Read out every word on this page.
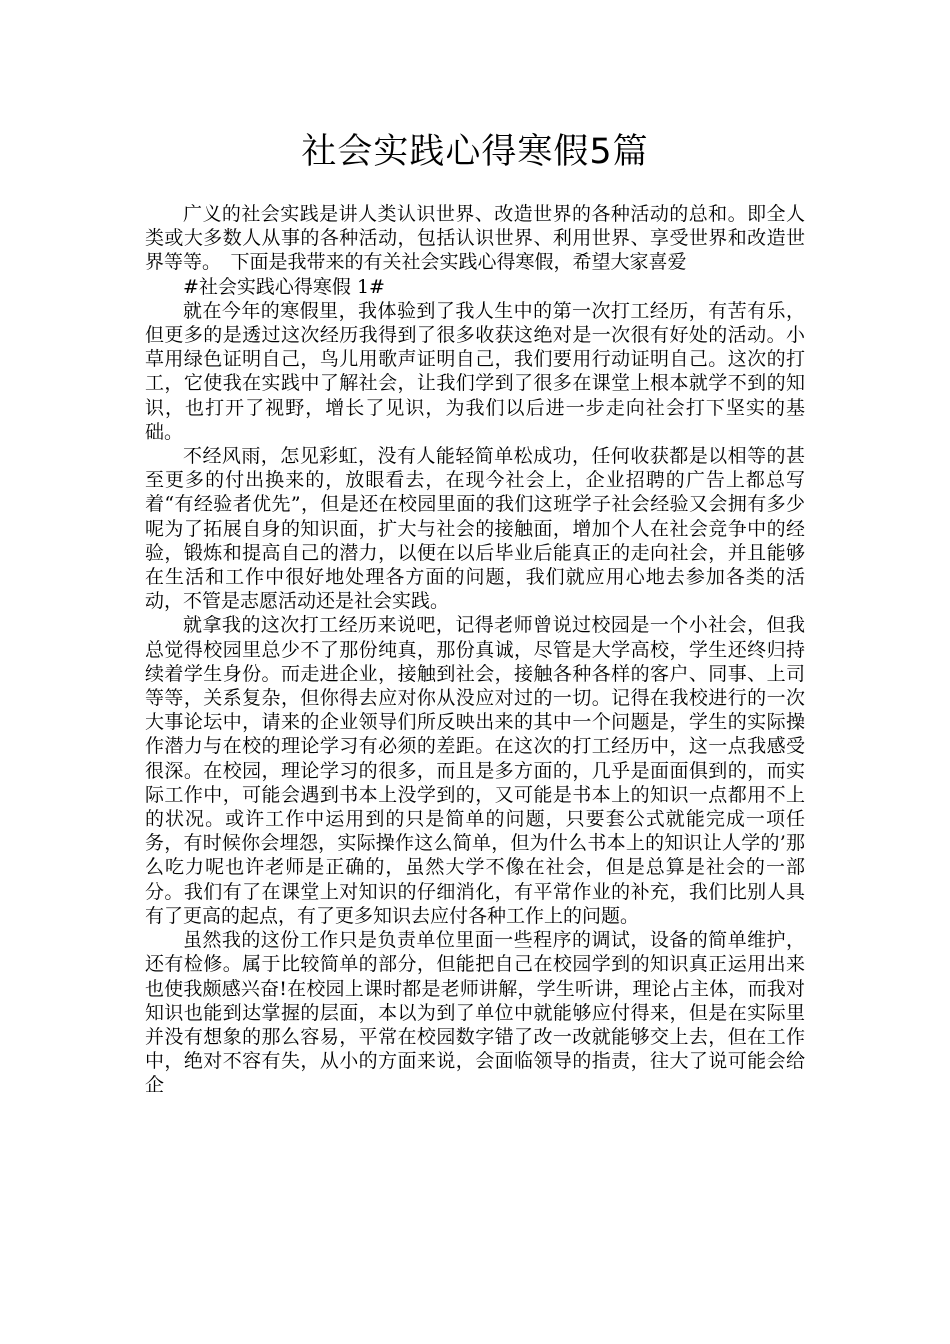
社会实践心得寒假5篇

广义的社会实践是讲人类认识世界、改造世界的各种活动的总和。即全人类或大多数人从事的各种活动，包括认识世界、利用世界、享受世界和改造世界等等。　下面是我带来的有关社会实践心得寒假，希望大家喜爱

#社会实践心得寒假 1#

就在今年的寒假里，我体验到了我人生中的第一次打工经历，有苦有乐，但更多的是透过这次经历我得到了很多收获这绝对是一次很有好处的活动。小草用绿色证明自己，鸟儿用歌声证明自己，我们要用行动证明自己。这次的打工，它使我在实践中了解社会，让我们学到了很多在课堂上根本就学不到的知识，也打开了视野，增长了见识，为我们以后进一步走向社会打下坚实的基础。

不经风雨，怎见彩虹，没有人能轻简单松成功，任何收获都是以相等的甚至更多的付出换来的，放眼看去，在现今社会上，企业招聘的广告上都总写着“有经验者优先”，但是还在校园里面的我们这班学子社会经验又会拥有多少呢为了拓展自身的知识面，扩大与社会的接触面，增加个人在社会竞争中的经验，锻炼和提高自己的潜力，以便在以后毕业后能真正的走向社会，并且能够在生活和工作中很好地处理各方面的问题，我们就应用心地去参加各类的活动，不管是志愿活动还是社会实践。

就拿我的这次打工经历来说吧，记得老师曾说过校园是一个小社会，但我总觉得校园里总少不了那份纯真，那份真诚，尽管是大学高校，学生还终归持续着学生身份。而走进企业，接触到社会，接触各种各样的客户、同事、上司等等，关系复杂，但你得去应对你从没应对过的一切。记得在我校进行的一次大事论坛中，请来的企业领导们所反映出来的其中一个问题是，学生的实际操作潜力与在校的理论学习有必须的差距。在这次的打工经历中，这一点我感受很深。在校园，理论学习的很多，而且是多方面的，几乎是面面俱到的，而实际工作中，可能会遇到书本上没学到的，又可能是书本上的知识一点都用不上的状况。或许工作中运用到的只是简单的问题，只要套公式就能完成一项任务，有时候你会埋怨，实际操作这么简单，但为什么书本上的知识让人学的’那么吃力呢也许老师是正确的，虽然大学不像在社会，但是总算是社会的一部分。我们有了在课堂上对知识的仔细消化，有平常作业的补充，我们比别人具有了更高的起点，有了更多知识去应付各种工作上的问题。

虽然我的这份工作只是负责单位里面一些程序的调试，设备的简单维护，还有检修。属于比较简单的部分，但能把自己在校园学到的知识真正运用出来也使我颇感兴奋!在校园上课时都是老师讲解，学生听讲，理论占主体，而我对知识也能到达掌握的层面，本以为到了单位中就能够应付得来，但是在实际里并没有想象的那么容易，平常在校园数字错了改一改就能够交上去，但在工作中，绝对不容有失，从小的方面来说，会面临领导的指责，往大了说可能会给企
